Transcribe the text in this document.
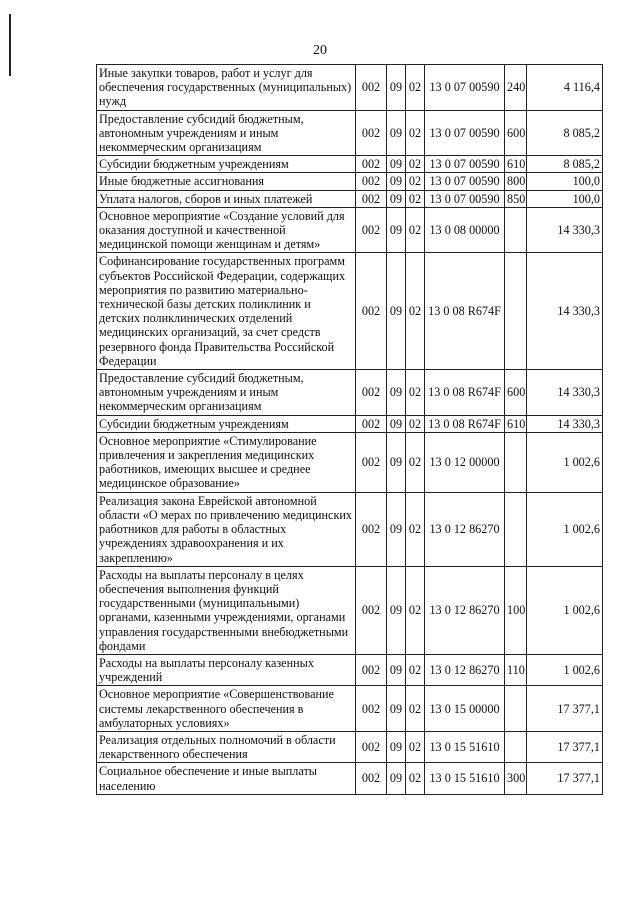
20
Иные закупки товаров, работ и услуг для обеспечения государственных (муниципальных) нужд	002	09	02	13 0 07 00590	240	4 116,4
Предоставление субсидий бюджетным, автономным учреждениям и иным некоммерческим организациям	002	09	02	13 0 07 00590	600	8 085,2
Субсидии бюджетным учреждениям	002	09	02	13 0 07 00590	610	8 085,2
Иные бюджетные ассигнования	002	09	02	13 0 07 00590	800	100,0
Уплата налогов, сборов и иных платежей	002	09	02	13 0 07 00590	850	100,0
Основное мероприятие «Создание условий для оказания доступной и качественной медицинской помощи женщинам и детям»	002	09	02	13 0 08 00000		14 330,3
Софинансирование государственных программ субъектов Российской Федерации, содержащих мероприятия по развитию материально-технической базы детских поликлиник и детских поликлинических отделений медицинских организаций, за счет средств резервного фонда Правительства Российской Федерации	002	09	02	13 0 08 R674F		14 330,3
Предоставление субсидий бюджетным, автономным учреждениям и иным некоммерческим организациям	002	09	02	13 0 08 R674F	600	14 330,3
Субсидии бюджетным учреждениям	002	09	02	13 0 08 R674F	610	14 330,3
Основное мероприятие «Стимулирование привлечения и закрепления медицинских работников, имеющих высшее и среднее медицинское образование»	002	09	02	13 0 12 00000		1 002,6
Реализация закона Еврейской автономной области «О мерах по привлечению медицинских работников для работы в областных учреждениях здравоохранения и их закреплению»	002	09	02	13 0 12 86270		1 002,6
Расходы на выплаты персоналу в целях обеспечения выполнения функций государственными (муниципальными) органами, казенными учреждениями, органами управления государственными внебюджетными фондами	002	09	02	13 0 12 86270	100	1 002,6
Расходы на выплаты персоналу казенных учреждений	002	09	02	13 0 12 86270	110	1 002,6
Основное мероприятие «Совершенствование системы лекарственного обеспечения в амбулаторных условиях»	002	09	02	13 0 15 00000		17 377,1
Реализация отдельных полномочий в области лекарственного обеспечения	002	09	02	13 0 15 51610		17 377,1
Социальное обеспечение и иные выплаты населению	002	09	02	13 0 15 51610	300	17 377,1
